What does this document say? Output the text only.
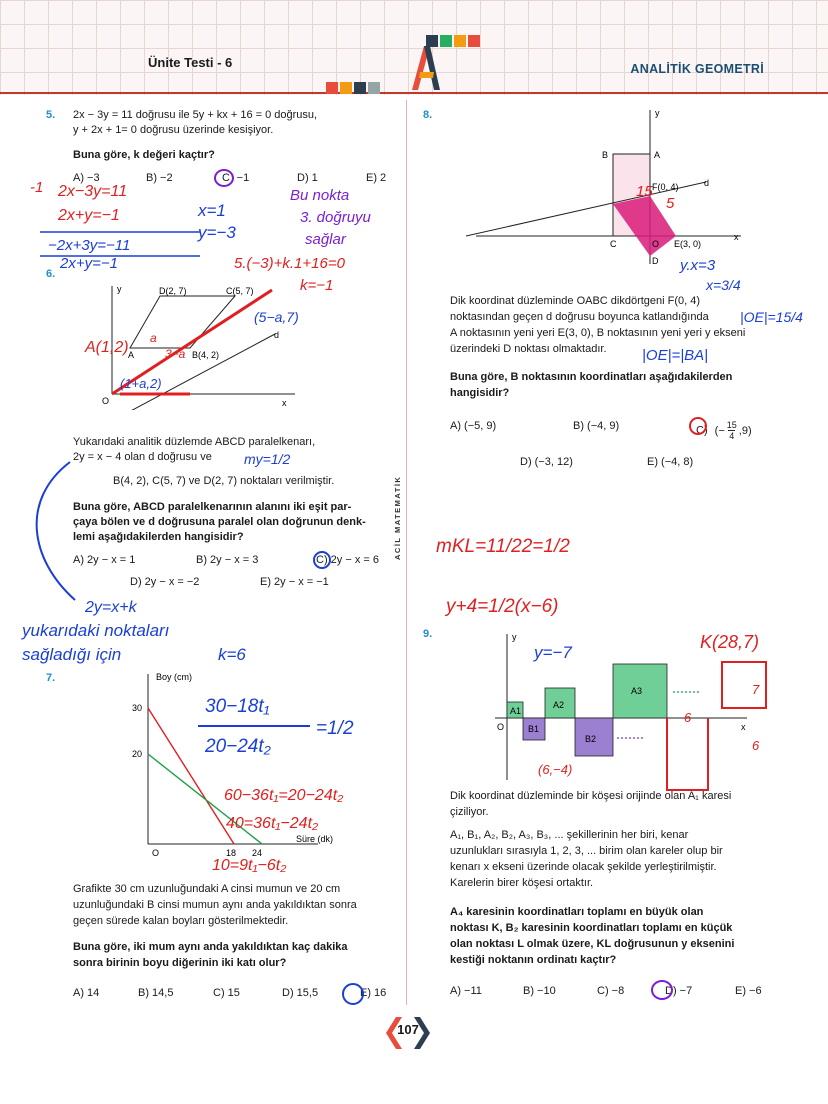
Ünite Testi - 6	ANALİTİK GEOMETRİ
ACİL MATEMATİK
5. 2x − 3y = 11 doğrusu ile 5y + kx + 16 = 0 doğrusu,
y + 2x + 1= 0 doğrusu üzerinde kesişiyor.
Buna göre, k değeri kaçtır?
A) −3	B) −2	C) −1	D) 1	E) 2
6.
D(2, 7)	C(5, 7)
A	B(4, 2)
O	x
y
d
Yukarıdaki analitik düzlemde ABCD paralelkenarı,
2y = x − 4 olan d doğrusu ve
B(4, 2), C(5, 7) ve D(2, 7) noktaları verilmiştir.
Buna göre, ABCD paralelkenarının alanını iki eşit par-
çaya bölen ve d doğrusuna paralel olan doğrunun denk-
lemi aşağıdakilerden hangisidir?
A) 2y − x = 1	B) 2y − x = 3	C) 2y − x = 6
D) 2y − x = −2	E) 2y − x = −1
7.	Boy (cm)
Süre (dk)
30
20
18 24
O
Grafikte 30 cm uzunluğundaki A cinsi mumun ve 20 cm
uzunluğundaki B cinsi mumun aynı anda yakıldıktan sonra
geçen sürede kalan boyları gösterilmektedir.
Buna göre, iki mum aynı anda yakıldıktan kaç dakika
sonra birinin boyu diğerinin iki katı olur?
A) 14	B) 14,5	C) 15	D) 15,5	E) 16
8.
B	A
F(0, 4)	d
C	O E(3, 0)
D
x
y
Dik koordinat düzleminde OABC dikdörtgeni F(0, 4)
noktasından geçen d doğrusu boyunca katlandığında
A noktasının yeni yeri E(3, 0), B noktasının yeni yeri y ekseni
üzerindeki D noktası olmaktadır.
Buna göre, B noktasının koordinatları aşağıdakilerden
hangisidir?
A) (−5, 9)	B) (−4, 9)	C) ( − $\frac{15}{4} ,9$ )
D) (−3, 12)	E) (−4, 8)
9.
A1
B1
A2
B2
A3
O
y
x
Dik koordinat düzleminde bir köşesi orijinde olan A₁ karesi
çiziliyor.
A₁, B₁, A₂, B₂, A₃, B₃, ... şekillerinin her biri, kenar
uzunlukları sırasıyla 1, 2, 3, ... birim olan kareler olup bir
kenarı x ekseni üzerinde olacak şekilde yerleştirilmiştir.
Karelerin birer köşesi ortaktır.
A₄ karesinin koordinatları toplamı en büyük olan
noktası K, B₂ karesinin koordinatları toplamı en küçük
olan noktası L olmak üzere, KL doğrusunun y eksenini
kestiği noktanın ordinatı kaçtır?
A) −11	B) −10	C) −8	D) −7	E) −6
-1 2x−3y=11
2x+y=−1
−2x+3y=−11
2x+y=−1
x=1
y=−3
Bu nokta
3. doğruyu
sağlar
5.(−3)+k.1+16=0
k=−1
A(1,2)
(5−a,7)
a
3−a
(1+a,2)
my=1/2
2y=x+k
yukarıdaki noktaları
sağladığı için	k=6
30−18t₁
20−24t₂
=1/2
60−36t₁=20−24t₂
40=36t₁−24t₂
10=9t₁−6t₂
15
5
y.x=3
x=3/4
|OE|=15/4
|OE|=|BA|
mKL=11/22=1/2
y+4=1/2(x−6)
y=−7
K(28,7)
6
(6,−4)
7
6
107
